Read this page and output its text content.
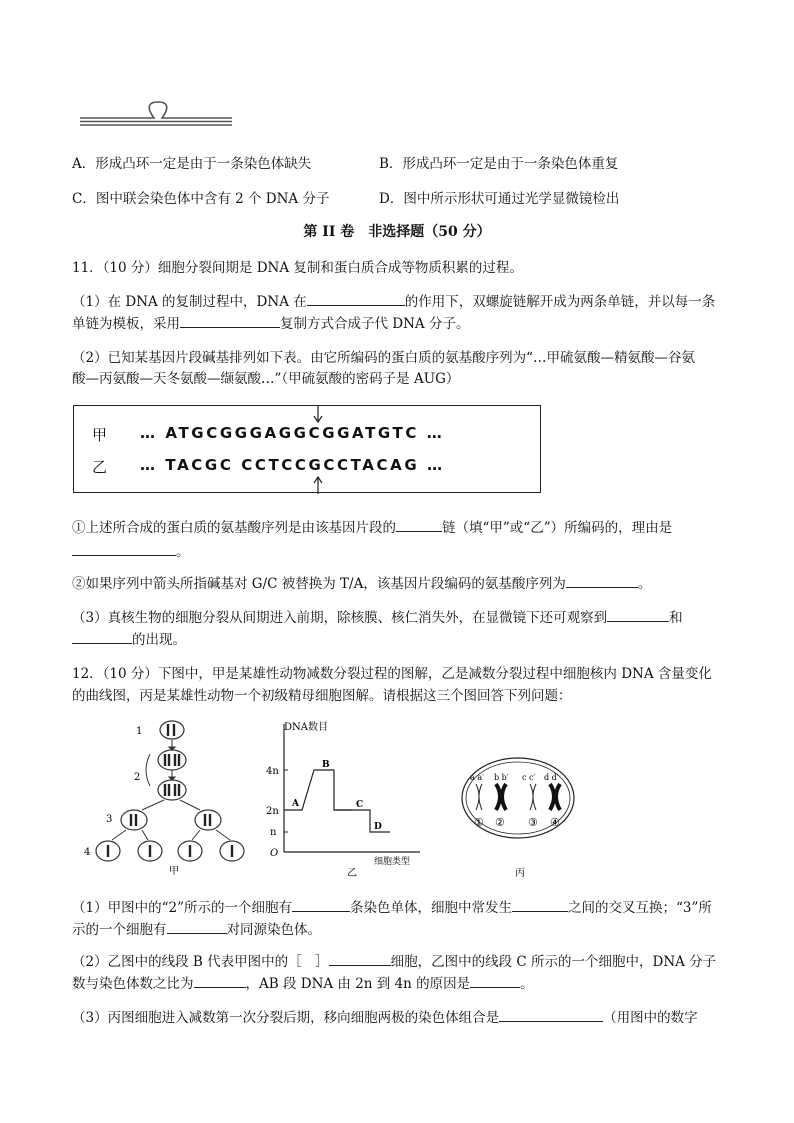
A．形成凸环一定是由于一条染色体缺失	B．形成凸环一定是由于一条染色体重复
C．图中联会染色体中含有 2 个 DNA 分子	D．图中所示形状可通过光学显微镜检出
第 II 卷　非选择题（50 分）
11．（10 分）细胞分裂间期是 DNA 复制和蛋白质合成等物质积累的过程。
（1）在 DNA 的复制过程中，DNA 在	的作用下，双螺旋链解开成为两条单链，并以每一条
单链为模板，采用	复制方式合成子代 DNA 分子。
（2）已知某基因片段碱基排列如下表。由它所编码的蛋白质的氨基酸序列为“…甲硫氨酸—精氨酸—谷氨
酸—丙氨酸—天冬氨酸—缬氨酸…”（甲硫氨酸的密码子是 AUG）
甲 … ATGCGGGAGGCGGATGTC …
乙 … TACGC CCTCCGCCTACAG …
①上述所合成的蛋白质的氨基酸序列是由该基因片段的	链（填“甲”或“乙”）所编码的，理由是
。
②如果序列中箭头所指碱基对 G/C 被替换为 T/A，该基因片段编码的氨基酸序列为	。
（3）真核生物的细胞分裂从间期进入前期，除核膜、核仁消失外，在显微镜下还可观察到	和
的出现。
12．（10 分）下图中，甲是某雄性动物减数分裂过程的图解，乙是减数分裂过程中细胞核内 DNA 含量变化
的曲线图，丙是某雄性动物一个初级精母细胞图解。请根据这三个图回答下列问题：
1
2
3
4
甲
DNA数目
4n
2n
n
O
A
B
C
D
细胞类型
乙
a a′ b b′ c c′ d d′
① ② ③ ④
丙
（1）甲图中的“2”所示的一个细胞有	条染色单体，细胞中常发生	之间的交叉互换；“3”所
示的一个细胞有	对同源染色体。
（2）乙图中的线段 B 代表甲图中的［　］	细胞，乙图中的线段 C 所示的一个细胞中，DNA 分子
数与染色体数之比为	，AB 段 DNA 由 2n 到 4n 的原因是	。
（3）丙图细胞进入减数第一次分裂后期，移向细胞两极的染色体组合是	（用图中的数字
